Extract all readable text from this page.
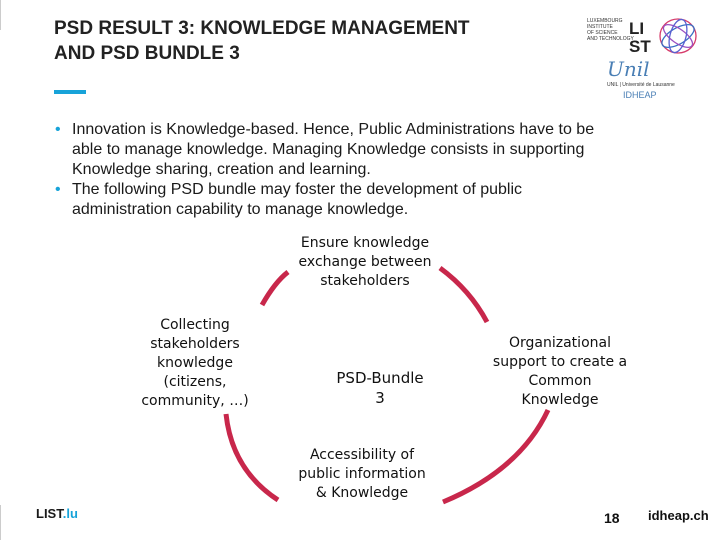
PSD RESULT 3: KNOWLEDGE MANAGEMENT
AND PSD BUNDLE 3
LUXEMBOURG
INSTITUTE
OF SCIENCE
AND TECHNOLOGY
LI
ST
Unil
UNIL | Université de Lausanne
IDHEAP
• Innovation is Knowledge-based. Hence, Public Administrations have to be
able to manage knowledge. Managing Knowledge consists in supporting
Knowledge sharing, creation and learning.
• The following PSD bundle may foster the development of public
administration capability to manage knowledge.
Ensure knowledge
exchange between
stakeholders
Collecting
stakeholders
knowledge
(citizens,
community, …)
PSD-Bundle
3
Organizational
support to create a
Common
Knowledge
Accessibility of
public information
& Knowledge
LIST.lu	18 idheap.ch
